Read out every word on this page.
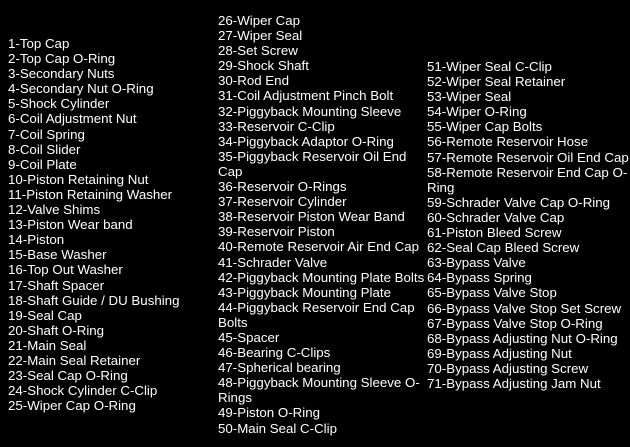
1-Top Cap
2-Top Cap O-Ring
3-Secondary Nuts
4-Secondary Nut O-Ring
5-Shock Cylinder
6-Coil Adjustment Nut
7-Coil Spring
8-Coil Slider
9-Coil Plate
10-Piston Retaining Nut
11-Piston Retaining Washer
12-Valve Shims
13-Piston Wear band
14-Piston
15-Base Washer
16-Top Out Washer
17-Shaft Spacer
18-Shaft Guide / DU Bushing
19-Seal Cap
20-Shaft O-Ring
21-Main Seal
22-Main Seal Retainer
23-Seal Cap O-Ring
24-Shock Cylinder C-Clip
25-Wiper Cap O-Ring
26-Wiper Cap
27-Wiper Seal
28-Set Screw
29-Shock Shaft
30-Rod End
31-Coil Adjustment Pinch Bolt
32-Piggyback Mounting Sleeve
33-Reservoir C-Clip
34-Piggyback Adaptor O-Ring
35-Piggyback Reservoir Oil End Cap
36-Reservoir O-Rings
37-Reservoir Cylinder
38-Reservoir Piston Wear Band
39-Reservoir Piston
40-Remote Reservoir Air End Cap
41-Schrader Valve
42-Piggyback Mounting Plate Bolts
43-Piggyback Mounting Plate
44-Piggyback Reservoir End Cap Bolts
45-Spacer
46-Bearing C-Clips
47-Spherical bearing
48-Piggyback Mounting Sleeve O-Rings
49-Piston O-Ring
50-Main Seal C-Clip
51-Wiper Seal C-Clip
52-Wiper Seal Retainer
53-Wiper Seal
54-Wiper O-Ring
55-Wiper Cap Bolts
56-Remote Reservoir Hose
57-Remote Reservoir Oil End Cap
58-Remote Reservoir End Cap O-Ring
59-Schrader Valve Cap O-Ring
60-Schrader Valve Cap
61-Piston Bleed Screw
62-Seal Cap Bleed Screw
63-Bypass Valve
64-Bypass Spring
65-Bypass Valve Stop
66-Bypass Valve Stop Set Screw
67-Bypass Valve Stop O-Ring
68-Bypass Adjusting Nut O-Ring
69-Bypass Adjusting Nut
70-Bypass Adjusting Screw
71-Bypass Adjusting Jam Nut
